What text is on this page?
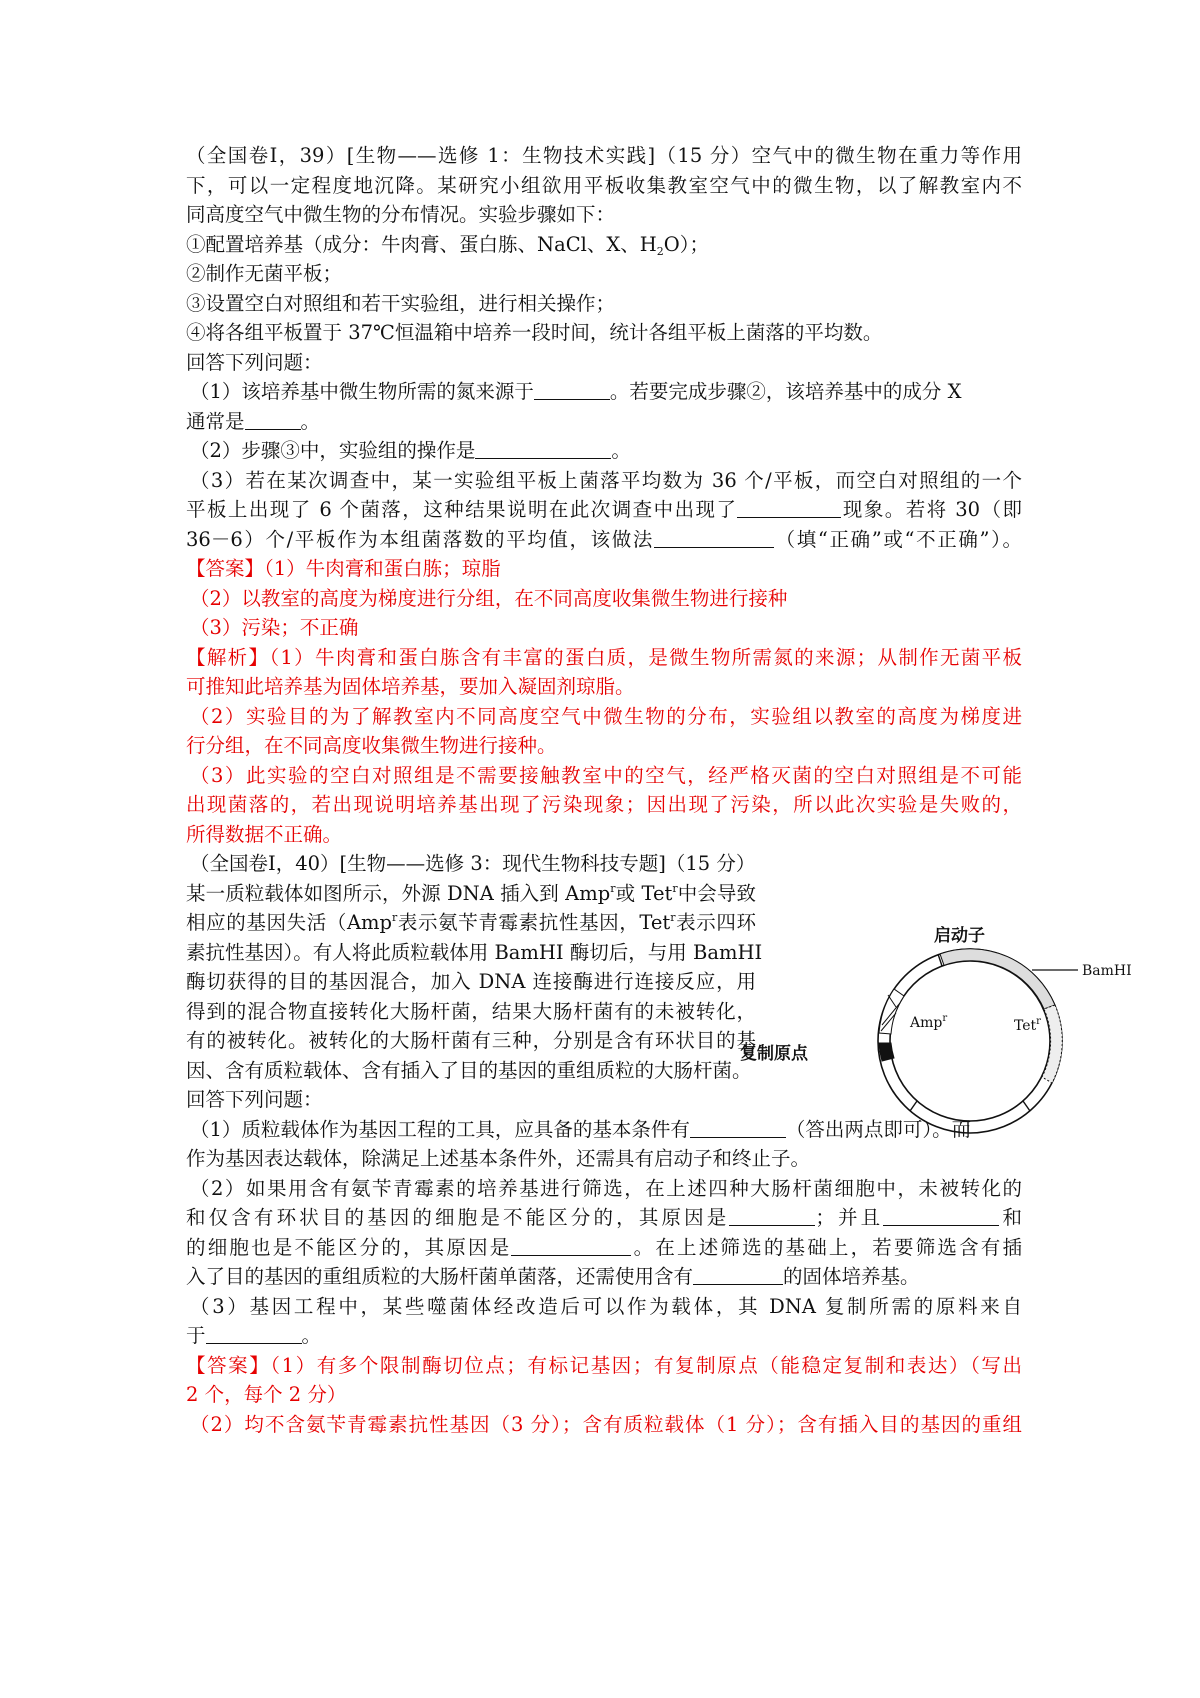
（全国卷Ⅰ，39）[生物——选修 1：生物技术实践]（15 分）空气中的微生物在重力等作用
下，可以一定程度地沉降。某研究小组欲用平板收集教室空气中的微生物，以了解教室内不
同高度空气中微生物的分布情况。实验步骤如下：
①配置培养基（成分：牛肉膏、蛋白胨、NaCl、X、$H_2O$）；
②制作无菌平板；
③设置空白对照组和若干实验组，进行相关操作；
④将各组平板置于 37℃恒温箱中培养一段时间，统计各组平板上菌落的平均数。
回答下列问题：
（1）该培养基中微生物所需的氮来源于	。若要完成步骤②，该培养基中的成分 X
通常是	。
（2）步骤③中，实验组的操作是	。
（3）若在某次调查中，某一实验组平板上菌落平均数为 36 个/平板，而空白对照组的一个
平板上出现了 6 个菌落，这种结果说明在此次调查中出现了	现象。若将 30（即
36－6）个/平板作为本组菌落数的平均值，该做法	（填“正确”或“不正确”）。
【答案】（1）牛肉膏和蛋白胨；琼脂
（2）以教室的高度为梯度进行分组，在不同高度收集微生物进行接种
（3）污染；不正确
【解析】（1）牛肉膏和蛋白胨含有丰富的蛋白质，是微生物所需氮的来源；从制作无菌平板
可推知此培养基为固体培养基，要加入凝固剂琼脂。
（2）实验目的为了解教室内不同高度空气中微生物的分布，实验组以教室的高度为梯度进
行分组，在不同高度收集微生物进行接种。
（3）此实验的空白对照组是不需要接触教室中的空气，经严格灭菌的空白对照组是不可能
出现菌落的，若出现说明培养基出现了污染现象；因出现了污染，所以此次实验是失败的，
所得数据不正确。
（全国卷Ⅰ，40）[生物——选修 3：现代生物科技专题]（15 分）
某一质粒载体如图所示，外源 DNA 插入到 Amp$^r$或 Tet$^r$中会导致
相应的基因失活（Amp$^r$表示氨苄青霉素抗性基因，Tet$^r$表示四环
素抗性基因）。有人将此质粒载体用 BamHI 酶切后，与用 BamHI
酶切获得的目的基因混合，加入 DNA 连接酶进行连接反应，用
得到的混合物直接转化大肠杆菌，结果大肠杆菌有的未被转化，
有的被转化。被转化的大肠杆菌有三种，分别是含有环状目的基
因、含有质粒载体、含有插入了目的基因的重组质粒的大肠杆菌。
回答下列问题：
（1）质粒载体作为基因工程的工具，应具备的基本条件有	（答出两点即可）。而
作为基因表达载体，除满足上述基本条件外，还需具有启动子和终止子。
（2）如果用含有氨苄青霉素的培养基进行筛选，在上述四种大肠杆菌细胞中，未被转化的
和仅含有环状目的基因的细胞是不能区分的，其原因是	；并且	和
的细胞也是不能区分的，其原因是	。在上述筛选的基础上，若要筛选含有插
入了目的基因的重组质粒的大肠杆菌单菌落，还需使用含有	的固体培养基。
（3）基因工程中，某些噬菌体经改造后可以作为载体，其 DNA 复制所需的原料来自
于	。
【答案】（1）有多个限制酶切位点；有标记基因；有复制原点（能稳定复制和表达）（写出
2 个，每个 2 分）
（2）均不含氨苄青霉素抗性基因（3 分）；含有质粒载体（1 分）；含有插入目的基因的重组
启动子
BamHI
Amp$^r$	Tet$^r$
复制原点
